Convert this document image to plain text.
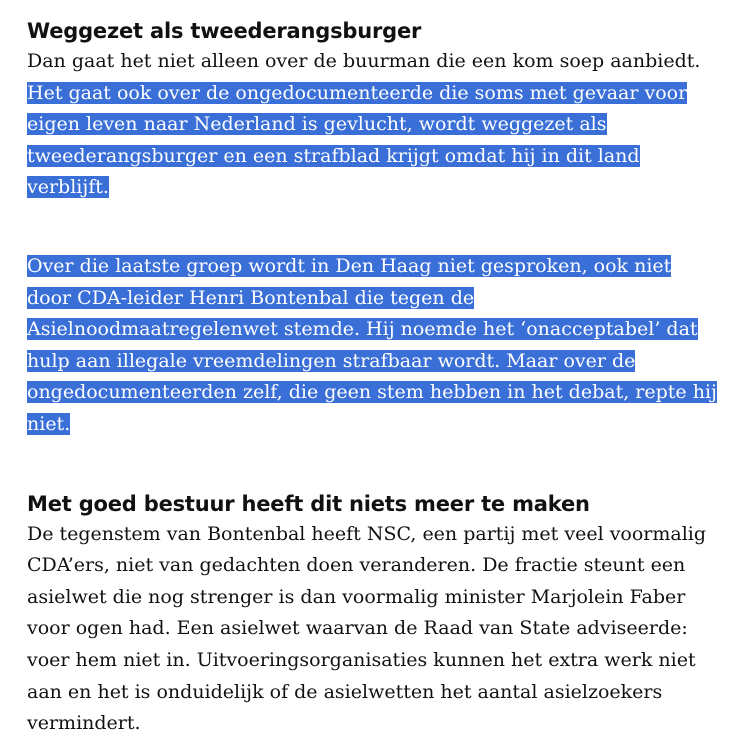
Weggezet als tweederangsburger

Dan gaat het niet alleen over de buurman die een kom soep aanbiedt. Het gaat ook over de ongedocumenteerde die soms met gevaar voor eigen leven naar Nederland is gevlucht, wordt weggezet als tweederangsburger en een strafblad krijgt omdat hij in dit land verblijft.

Over die laatste groep wordt in Den Haag niet gesproken, ook niet door CDA-leider Henri Bontenbal die tegen de Asielnoodmaatregelenwet stemde. Hij noemde het ‘onacceptabel’ dat hulp aan illegale vreemdelingen strafbaar wordt. Maar over de ongedocumenteerden zelf, die geen stem hebben in het debat, repte hij niet.

Met goed bestuur heeft dit niets meer te maken

De tegenstem van Bontenbal heeft NSC, een partij met veel voormalig CDA’ers, niet van gedachten doen veranderen. De fractie steunt een asielwet die nog strenger is dan voormalig minister Marjolein Faber voor ogen had. Een asielwet waarvan de Raad van State adviseerde: voer hem niet in. Uitvoeringsorganisaties kunnen het extra werk niet aan en het is onduidelijk of de asielwetten het aantal asielzoekers vermindert.
